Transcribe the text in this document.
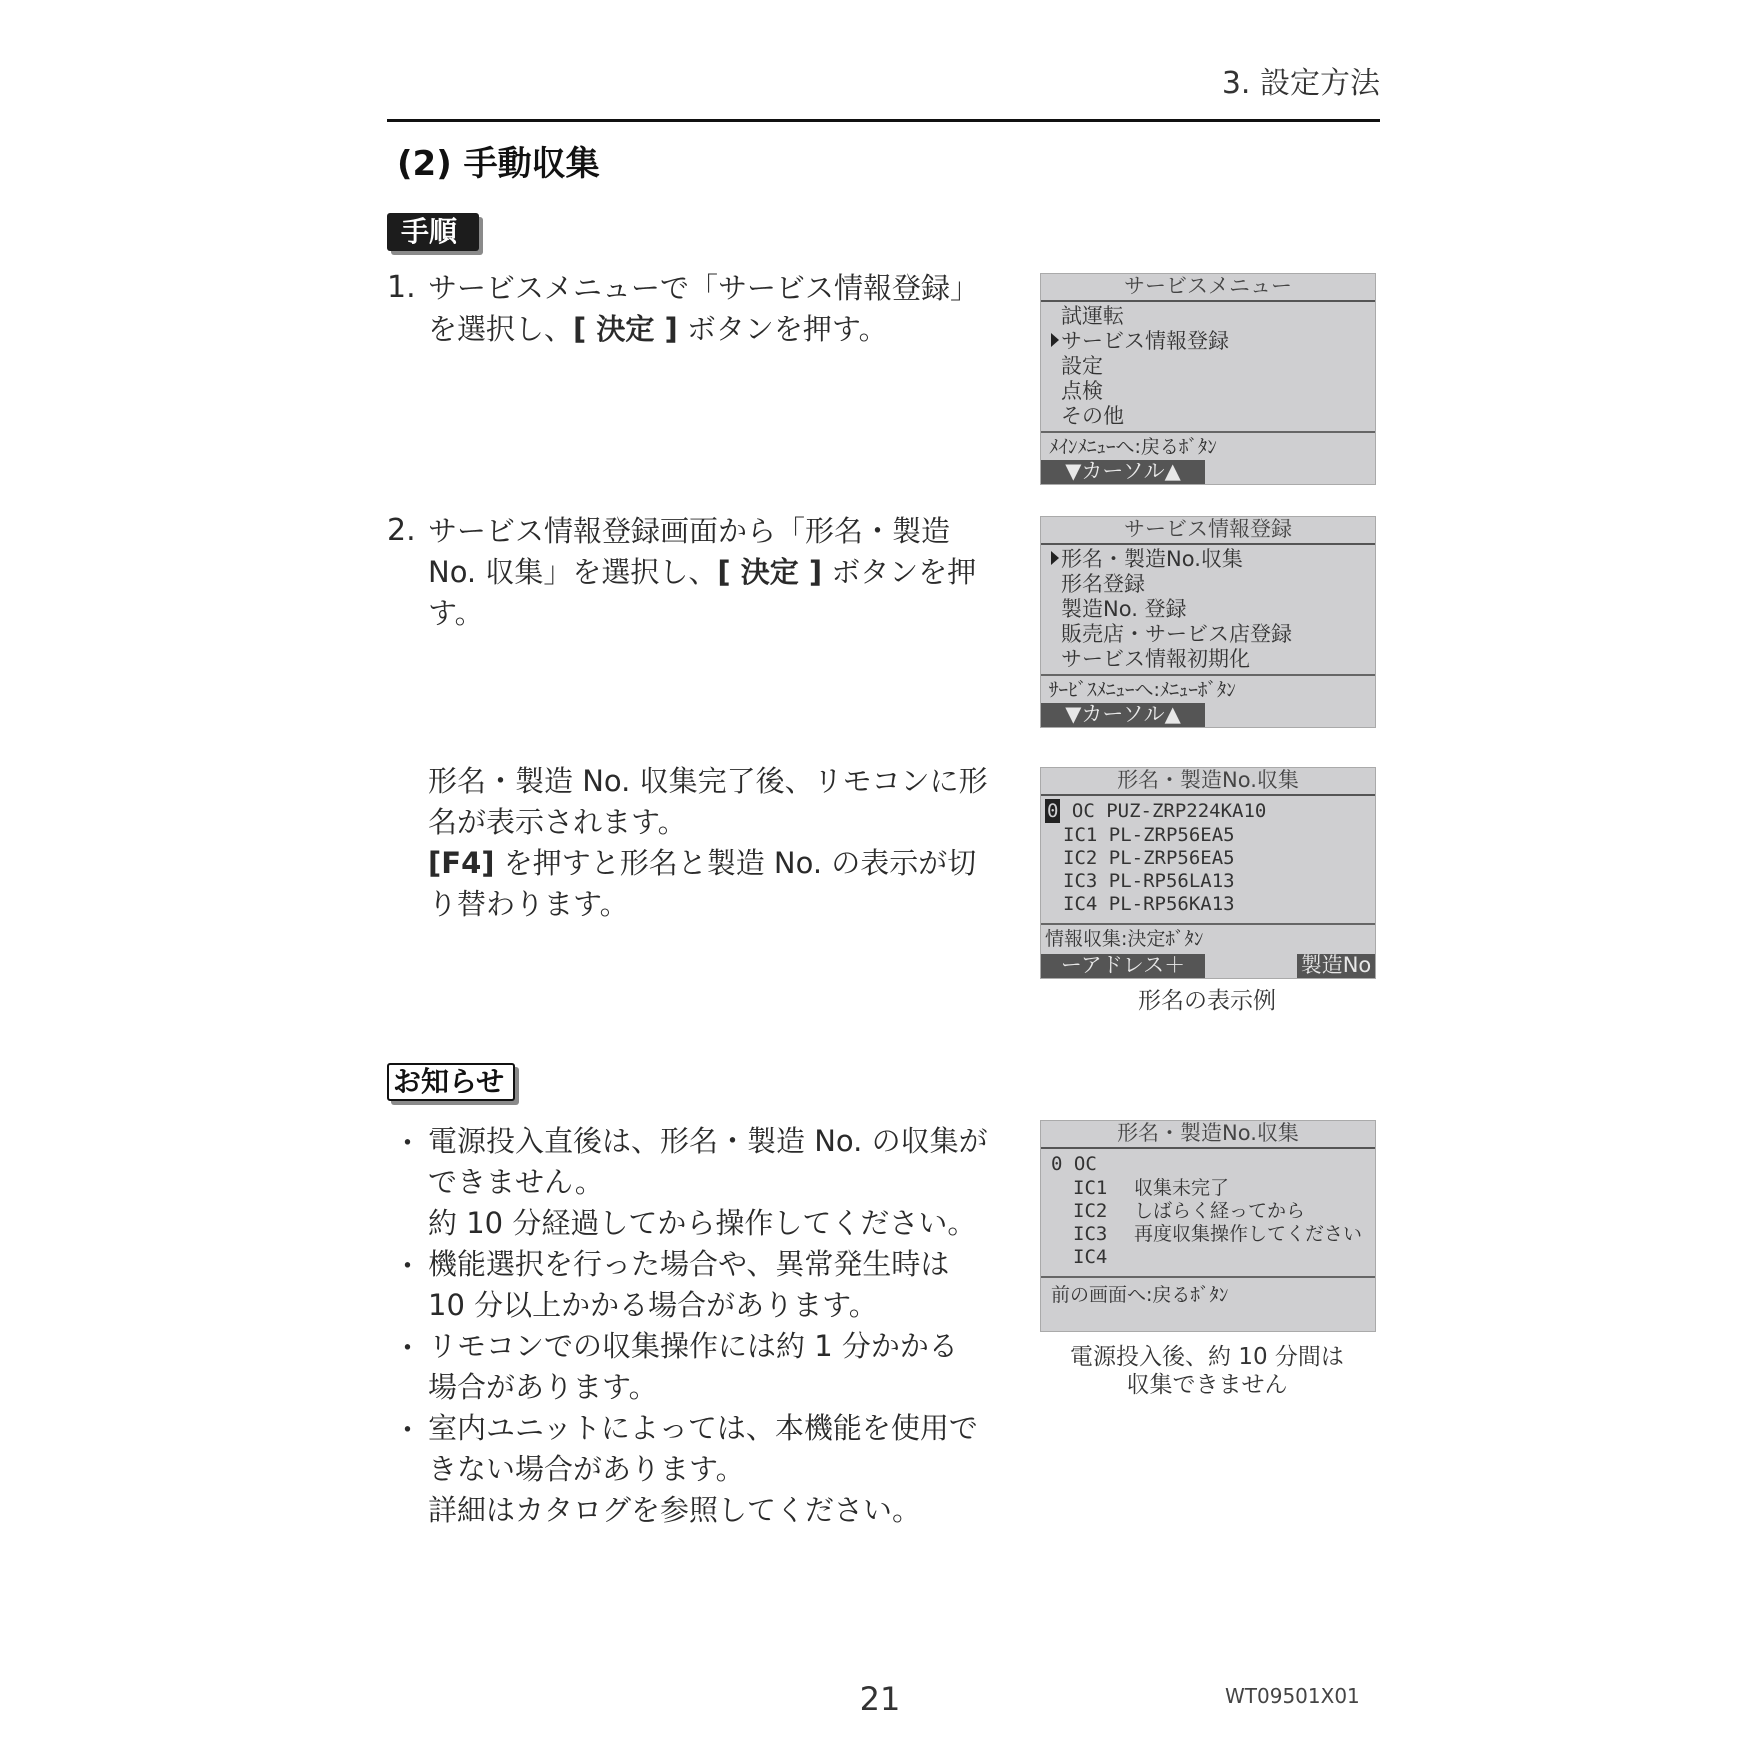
3. 設定方法
(2) 手動収集
手順
1. サービスメニューで「サービス情報登録」
を選択し、[ 決定 ] ボタンを押す。
サービスメニュー
試運転
サービス情報登録
設定
点検
その他
ﾒｲﾝﾒﾆｭｰへ:戻るﾎﾞﾀﾝ
▼カーソル▲
2. サービス情報登録画面から「形名・製造
No. 収集」を選択し、[ 決定 ] ボタンを押
す。
サービス情報登録
形名・製造No.収集
形名登録
製造No. 登録
販売店・サービス店登録
サービス情報初期化
ｻｰﾋﾞｽﾒﾆｭｰへ:ﾒﾆｭｰﾎﾞﾀﾝ
▼カーソル▲
形名・製造 No. 収集完了後、リモコンに形
名が表示されます。
[F4] を押すと形名と製造 No. の表示が切
り替わります。
形名・製造No.収集
0 OC PUZ-ZRP224KA10
IC1 PL-ZRP56EA5
IC2 PL-ZRP56EA5
IC3 PL-RP56LA13
IC4 PL-RP56KA13
情報収集:決定ﾎﾞﾀﾝ
ーアドレス＋	製造No
形名の表示例
お知らせ
・ 電源投入直後は、形名・製造 No. の収集が
できません。
約 10 分経過してから操作してください。
・ 機能選択を行った場合や、異常発生時は
10 分以上かかる場合があります。
・ リモコンでの収集操作には約 1 分かかる
場合があります。
・ 室内ユニットによっては、本機能を使用で
きない場合があります。
詳細はカタログを参照してください。
形名・製造No.収集
0 OC
IC1
IC2
IC3
IC4
収集未完了
しばらく経ってから
再度収集操作してください
前の画面へ:戻るﾎﾞﾀﾝ
電源投入後、約 10 分間は
収集できません
21	WT09501X01
